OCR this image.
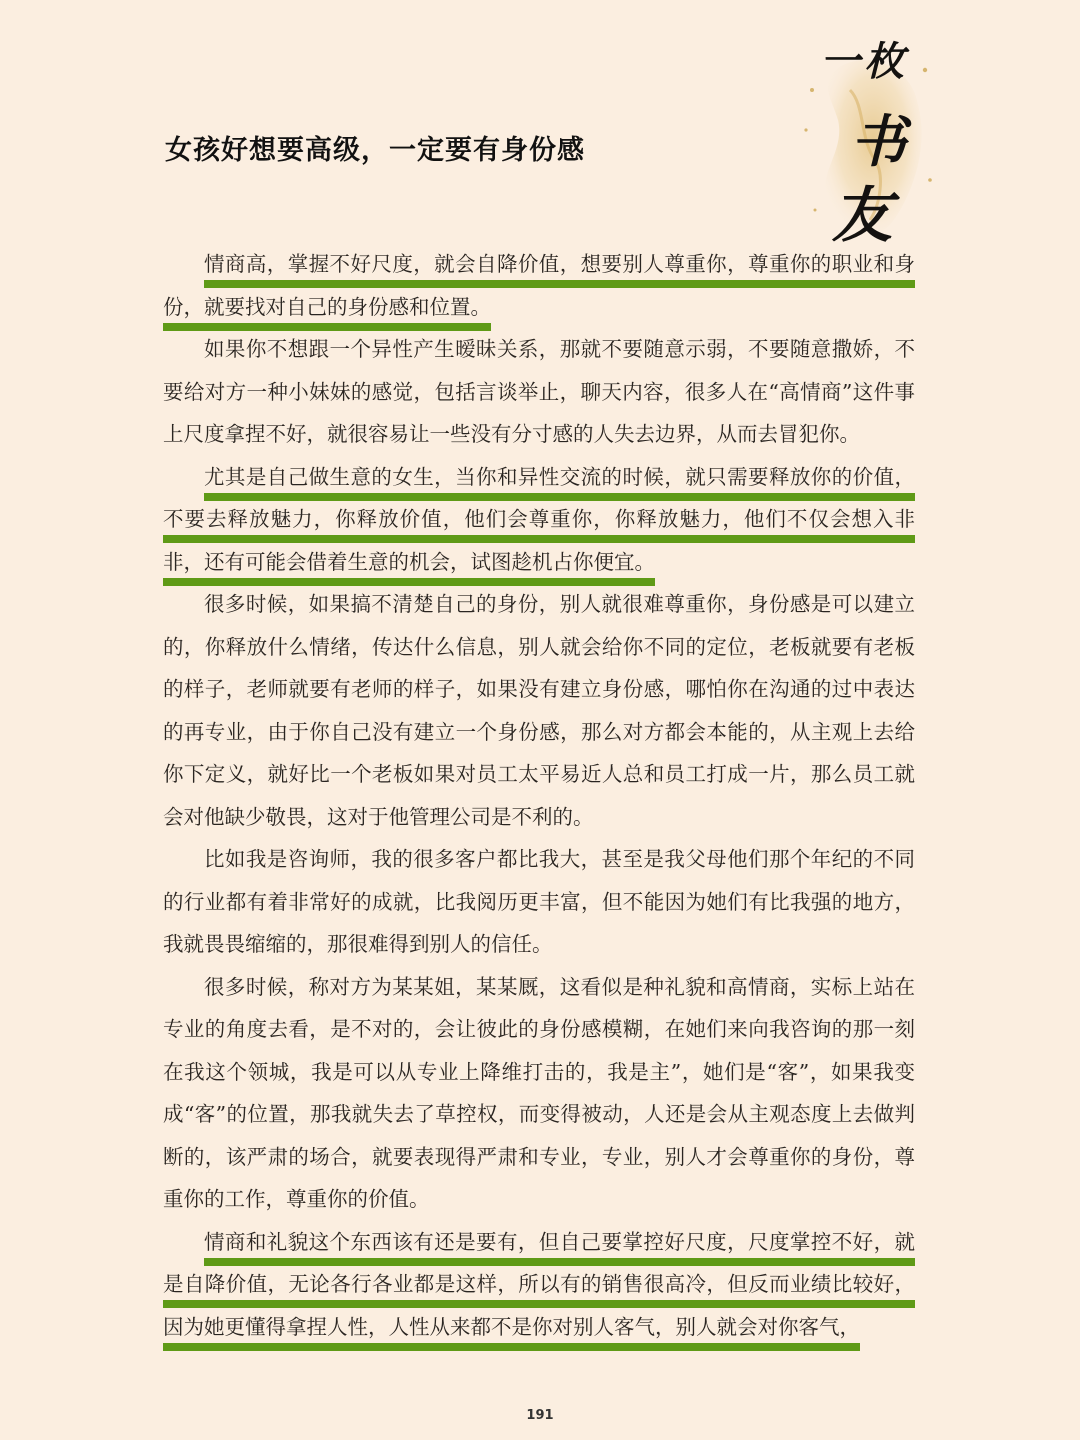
一枚
书
友
女孩好想要高级，一定要有身份感

情商高，掌握不好尺度，就会自降价值，想要别人尊重你，尊重你的职业和身份，就要找对自己的身份感和位置。

如果你不想跟一个异性产生暧昧关系，那就不要随意示弱，不要随意撒娇，不要给对方一种小妹妹的感觉，包括言谈举止，聊天内容，很多人在“高情商”这件事上尺度拿捏不好，就很容易让一些没有分寸感的人失去边界，从而去冒犯你。

尤其是自己做生意的女生，当你和异性交流的时候，就只需要释放你的价值，不要去释放魅力，你释放价值，他们会尊重你，你释放魅力，他们不仅会想入非非，还有可能会借着生意的机会，试图趁机占你便宜。

很多时候，如果搞不清楚自己的身份，别人就很难尊重你，身份感是可以建立的，你释放什么情绪，传达什么信息，别人就会给你不同的定位，老板就要有老板的样子，老师就要有老师的样子，如果没有建立身份感，哪怕你在沟通的过中表达的再专业，由于你自己没有建立一个身份感，那么对方都会本能的，从主观上去给你下定义，就好比一个老板如果对员工太平易近人总和员工打成一片，那么员工就会对他缺少敬畏，这对于他管理公司是不利的。

比如我是咨询师，我的很多客户都比我大，甚至是我父母他们那个年纪的不同的行业都有着非常好的成就，比我阅历更丰富，但不能因为她们有比我强的地方，我就畏畏缩缩的，那很难得到别人的信任。

很多时候，称对方为某某姐，某某厩，这看似是种礼貌和高情商，实标上站在专业的角度去看，是不对的，会让彼此的身份感模糊，在她们来向我咨询的那一刻在我这个领城，我是可以从专业上降维打击的，我是主”，她们是“客”，如果我变成“客”的位置，那我就失去了草控权，而变得被动，人还是会从主观态度上去做判断的，该严肃的场合，就要表现得严肃和专业，专业，别人才会尊重你的身份，尊重你的工作，尊重你的价值。

情商和礼貌这个东西该有还是要有，但自己要掌控好尺度，尺度掌控不好，就是自降价值，无论各行各业都是这样，所以有的销售很高冷，但反而业绩比较好，因为她更懂得拿捏人性，人性从来都不是你对别人客气，别人就会对你客气，

191
